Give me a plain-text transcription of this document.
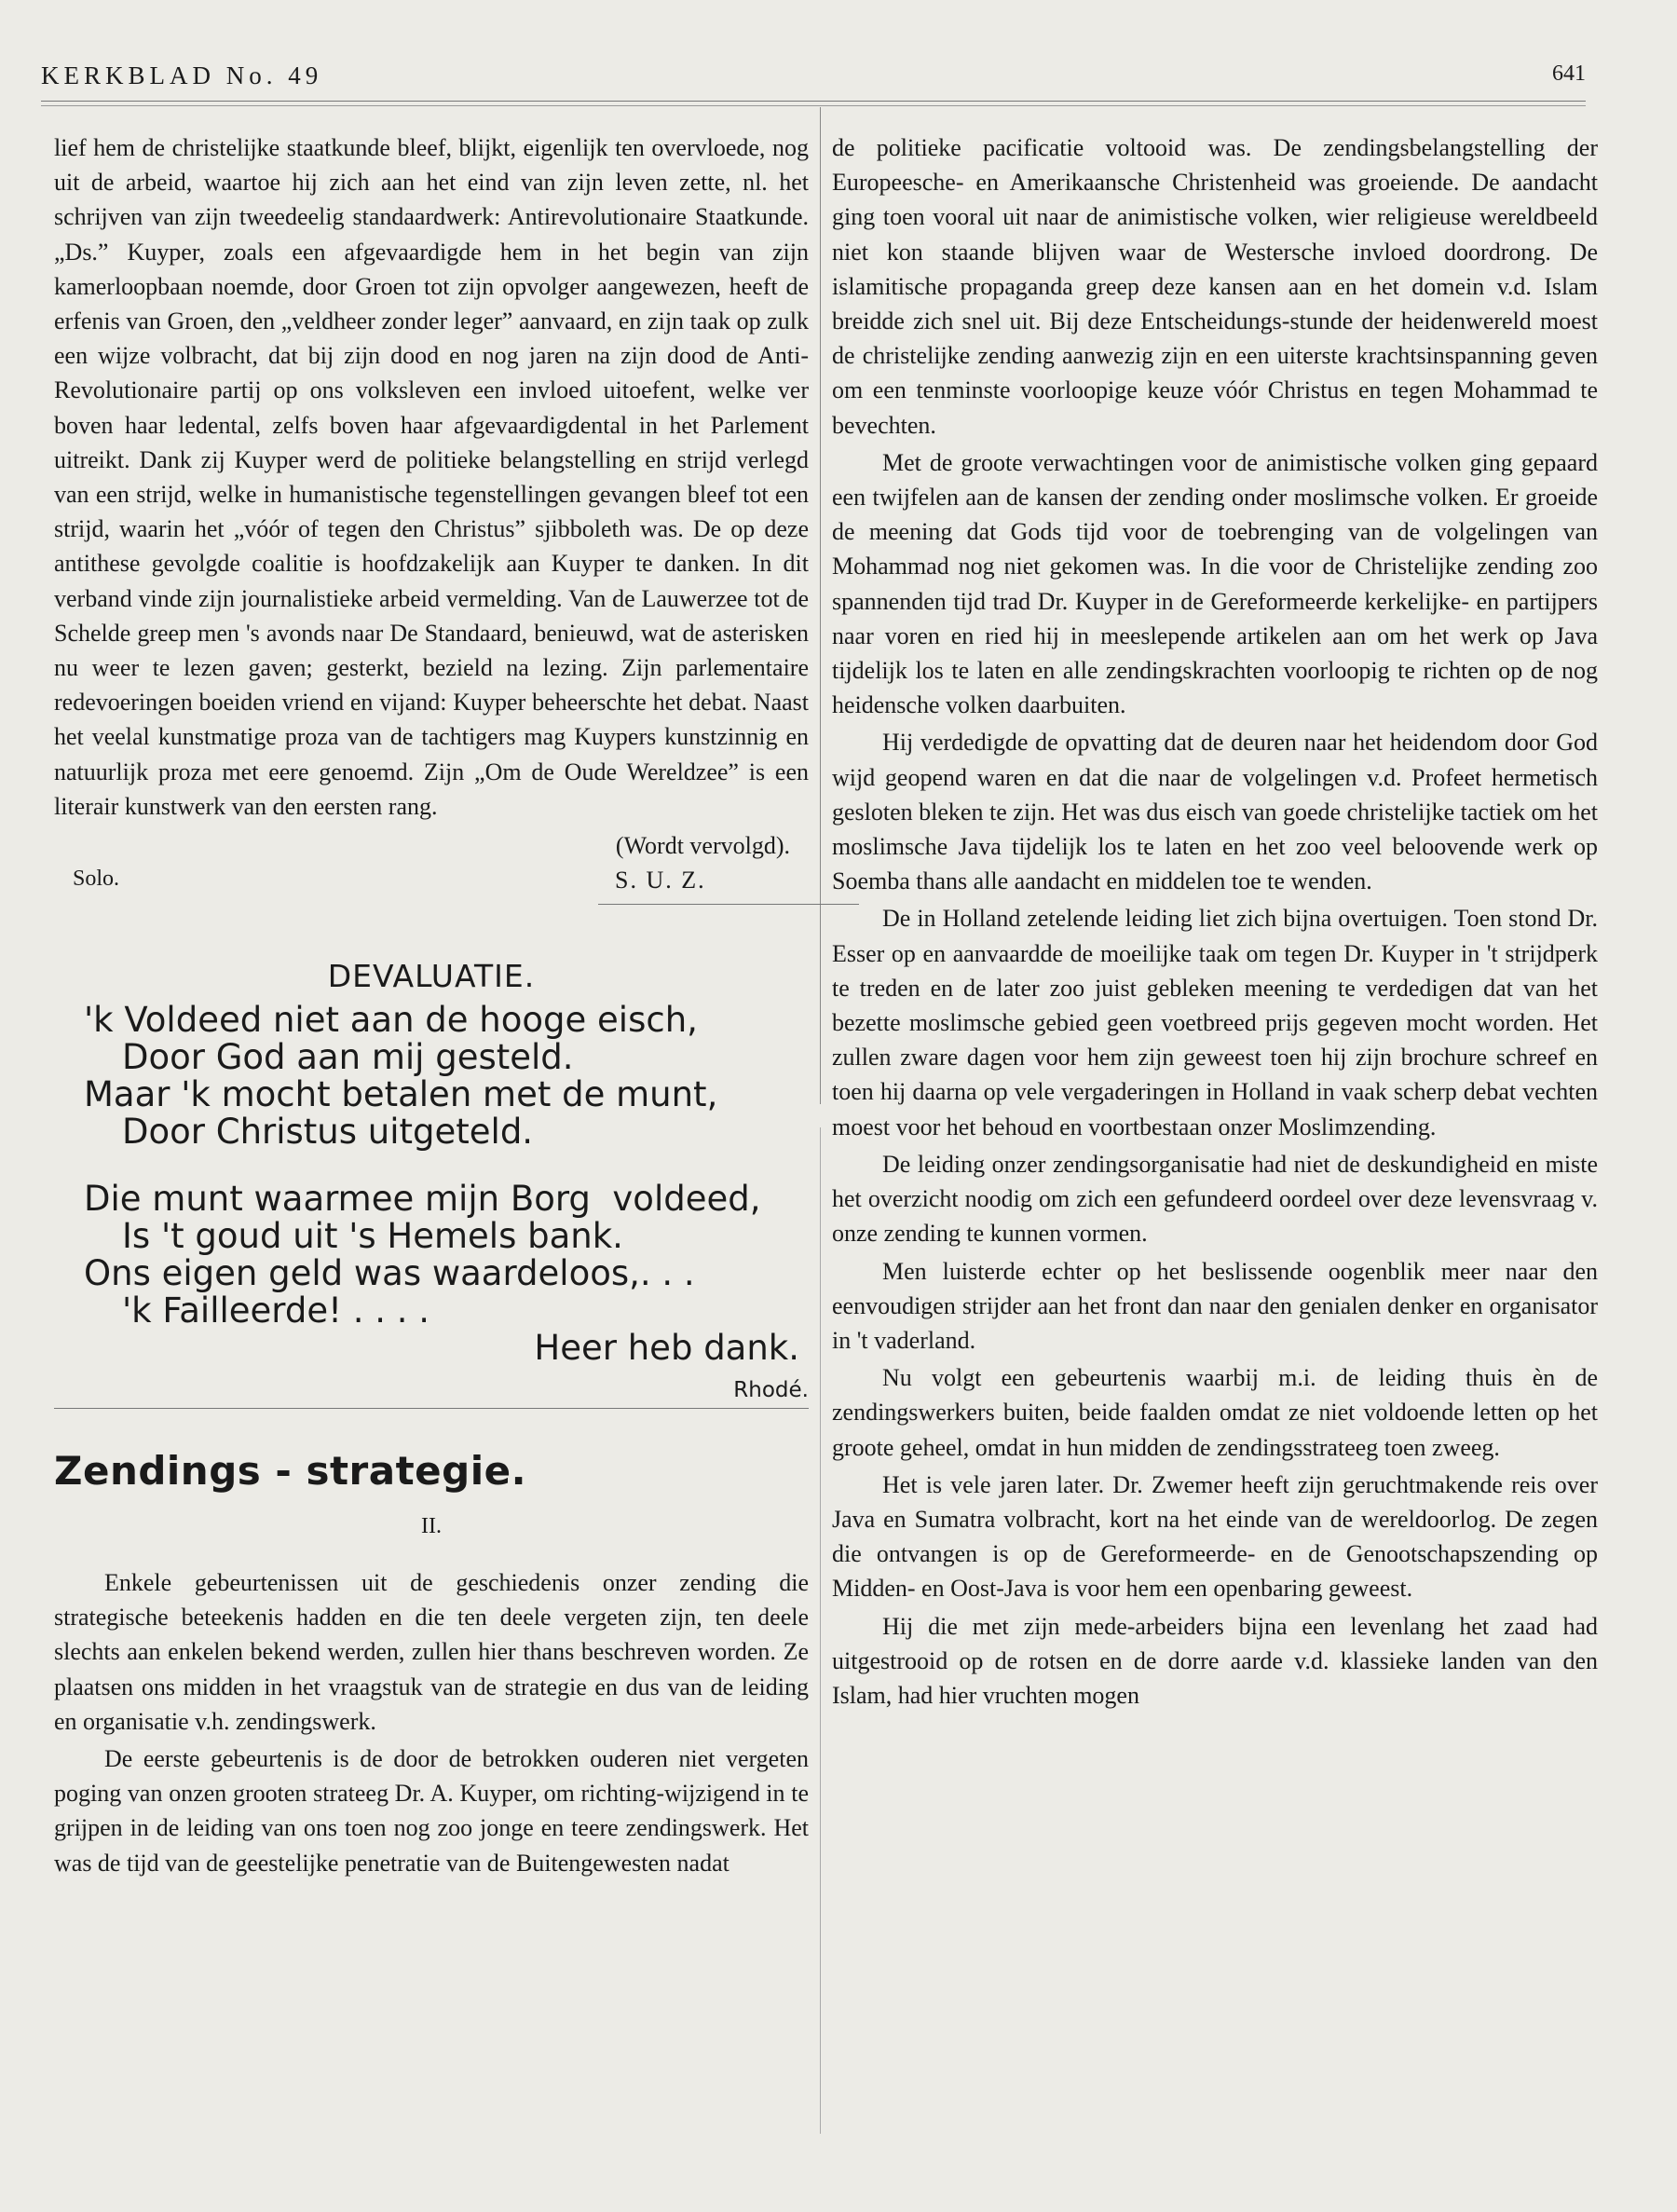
KERKBLAD No. 49	641

lief hem de christelijke staatkunde bleef, blijkt, eigenlijk ten overvloede, nog uit de arbeid, waartoe hij zich aan het eind van zijn leven zette, nl. het schrijven van zijn tweedeelig standaardwerk: Antirevolutionaire Staatkunde. „Ds.” Kuyper, zoals een afgevaardigde hem in het begin van zijn kamerloopbaan noemde, door Groen tot zijn opvolger aangewezen, heeft de erfenis van Groen, den „veldheer zonder leger” aanvaard, en zijn taak op zulk een wijze volbracht, dat bij zijn dood en nog jaren na zijn dood de Anti-Revolutionaire partij op ons volksleven een invloed uitoefent, welke ver boven haar ledental, zelfs boven haar afgevaardigdental in het Parlement uitreikt. Dank zij Kuyper werd de politieke belangstelling en strijd verlegd van een strijd, welke in humanistische tegenstellingen gevangen bleef tot een strijd, waarin het „vóór of tegen den Christus” sjibboleth was. De op deze antithese gevolgde coalitie is hoofdzakelijk aan Kuyper te danken. In dit verband vinde zijn journalistieke arbeid vermelding. Van de Lauwerzee tot de Schelde greep men 's avonds naar De Standaard, benieuwd, wat de asterisken nu weer te lezen gaven; gesterkt, bezield na lezing. Zijn parlementaire redevoeringen boeiden vriend en vijand: Kuyper beheerschte het debat. Naast het veelal kunstmatige proza van de tachtigers mag Kuypers kunstzinnig en natuurlijk proza met eere genoemd. Zijn „Om de Oude Wereldzee” is een literair kunstwerk van den eersten rang.

(Wordt vervolgd).
Solo.	S. U. Z.
DEVALUATIE.
'k Voldeed niet aan de hooge eisch,
Door God aan mij gesteld.
Maar 'k mocht betalen met de munt,
Door Christus uitgeteld.
Die munt waarmee mijn Borg  voldeed,
Is 't goud uit 's Hemels bank.
Ons eigen geld was waardeloos,. . .
'k Failleerde! . . . .
Heer heb dank.
Rhodé.
Zendings - strategie.
II.

Enkele gebeurtenissen uit de geschiedenis onzer zending die strategische beteekenis hadden en die ten deele vergeten zijn, ten deele slechts aan enkelen bekend werden, zullen hier thans beschreven worden. Ze plaatsen ons midden in het vraagstuk van de strategie en dus van de leiding en organisatie v.h. zendingswerk.

De eerste gebeurtenis is de door de betrokken ouderen niet vergeten poging van onzen grooten strateeg Dr. A. Kuyper, om richting-wijzigend in te grijpen in de leiding van ons toen nog zoo jonge en teere zendingswerk. Het was de tijd van de geestelijke penetratie van de Buitengewesten nadat

de politieke pacificatie voltooid was. De zendingsbelangstelling der Europeesche- en Amerikaansche Christenheid was groeiende. De aandacht ging toen vooral uit naar de animistische volken, wier religieuse wereldbeeld niet kon staande blijven waar de Westersche invloed doordrong. De islamitische propaganda greep deze kansen aan en het domein v.d. Islam breidde zich snel uit. Bij deze Entscheidungs-stunde der heidenwereld moest de christelijke zending aanwezig zijn en een uiterste krachtsinspanning geven om een tenminste voorloopige keuze vóór Christus en tegen Mohammad te bevechten.

Met de groote verwachtingen voor de animistische volken ging gepaard een twijfelen aan de kansen der zending onder moslimsche volken. Er groeide de meening dat Gods tijd voor de toebrenging van de volgelingen van Mohammad nog niet gekomen was. In die voor de Christelijke zending zoo spannenden tijd trad Dr. Kuyper in de Gereformeerde kerkelijke- en partijpers naar voren en ried hij in meeslepende artikelen aan om het werk op Java tijdelijk los te laten en alle zendingskrachten voorloopig te richten op de nog heidensche volken daarbuiten.

Hij verdedigde de opvatting dat de deuren naar het heidendom door God wijd geopend waren en dat die naar de volgelingen v.d. Profeet hermetisch gesloten bleken te zijn. Het was dus eisch van goede christelijke tactiek om het moslimsche Java tijdelijk los te laten en het zoo veel beloovende werk op Soemba thans alle aandacht en middelen toe te wenden.

De in Holland zetelende leiding liet zich bijna overtuigen. Toen stond Dr. Esser op en aanvaardde de moeilijke taak om tegen Dr. Kuyper in 't strijdperk te treden en de later zoo juist gebleken meening te verdedigen dat van het bezette moslimsche gebied geen voetbreed prijs gegeven mocht worden. Het zullen zware dagen voor hem zijn geweest toen hij zijn brochure schreef en toen hij daarna op vele vergaderingen in Holland in vaak scherp debat vechten moest voor het behoud en voortbestaan onzer Moslimzending.

De leiding onzer zendingsorganisatie had niet de deskundigheid en miste het overzicht noodig om zich een gefundeerd oordeel over deze levensvraag v. onze zending te kunnen vormen.

Men luisterde echter op het beslissende oogenblik meer naar den eenvoudigen strijder aan het front dan naar den genialen denker en organisator in 't vaderland.

Nu volgt een gebeurtenis waarbij m.i. de leiding thuis èn de zendingswerkers buiten, beide faalden omdat ze niet voldoende letten op het groote geheel, omdat in hun midden de zendingsstrateeg toen zweeg.

Het is vele jaren later. Dr. Zwemer heeft zijn geruchtmakende reis over Java en Sumatra volbracht, kort na het einde van de wereldoorlog. De zegen die ontvangen is op de Gereformeerde- en de Genootschapszending op Midden- en Oost-Java is voor hem een openbaring geweest.

Hij die met zijn mede-arbeiders bijna een levenlang het zaad had uitgestrooid op de rotsen en de dorre aarde v.d. klassieke landen van den Islam, had hier vruchten mogen
